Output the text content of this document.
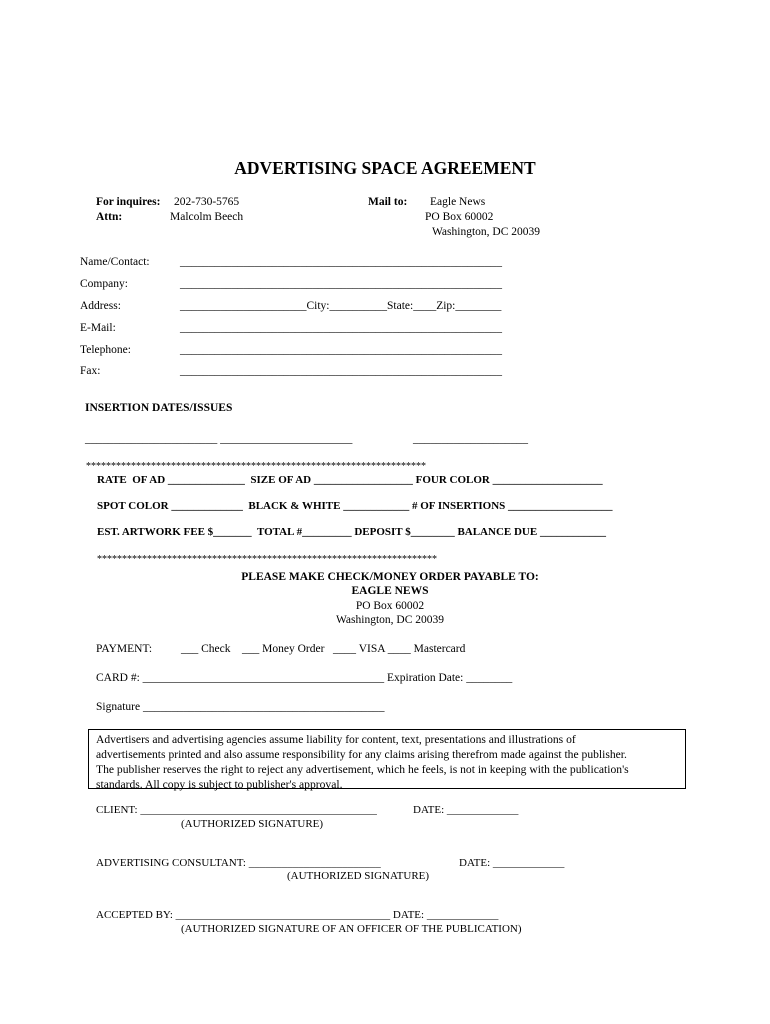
ADVERTISING SPACE AGREEMENT
For inquires: 202-730-5765
Attn:	Malcolm Beech
Mail to: Eagle News
PO Box 60002
Washington, DC 20039
Name/Contact:	________________________________________________________
Company:	________________________________________________________
Address:	______________________City:__________State:____Zip:________
E-Mail:	________________________________________________________
Telephone:	________________________________________________________
Fax:	________________________________________________________
INSERTION DATES/ISSUES
_______________________ _______________________	____________________
********************************************************************
RATE  OF AD ______________  SIZE OF AD __________________ FOUR COLOR ____________________
SPOT COLOR _____________  BLACK & WHITE ____________ # OF INSERTIONS ___________________
EST. ARTWORK FEE $_______  TOTAL #_________ DEPOSIT $________ BALANCE DUE ____________
********************************************************************
PLEASE MAKE CHECK/MONEY ORDER PAYABLE TO:
EAGLE NEWS
PO Box 60002
Washington, DC 20039
PAYMENT:	___ Check    ___ Money Order   ____ VISA ____ Mastercard
CARD #: __________________________________________ Expiration Date: ________
Signature __________________________________________
Advertisers and advertising agencies assume liability for content, text, presentations and illustrations of
advertisements printed and also assume responsibility for any claims arising therefrom made against the publisher.
The publisher reserves the right to reject any advertisement, which he feels, is not in keeping with the publication's
standards. All copy is subject to publisher's approval.
CLIENT: ___________________________________________	DATE: _____________
(AUTHORIZED SIGNATURE)
ADVERTISING CONSULTANT: ________________________	DATE: _____________
(AUTHORIZED SIGNATURE)
ACCEPTED BY: _______________________________________ DATE: _____________
(AUTHORIZED SIGNATURE OF AN OFFICER OF THE PUBLICATION)
